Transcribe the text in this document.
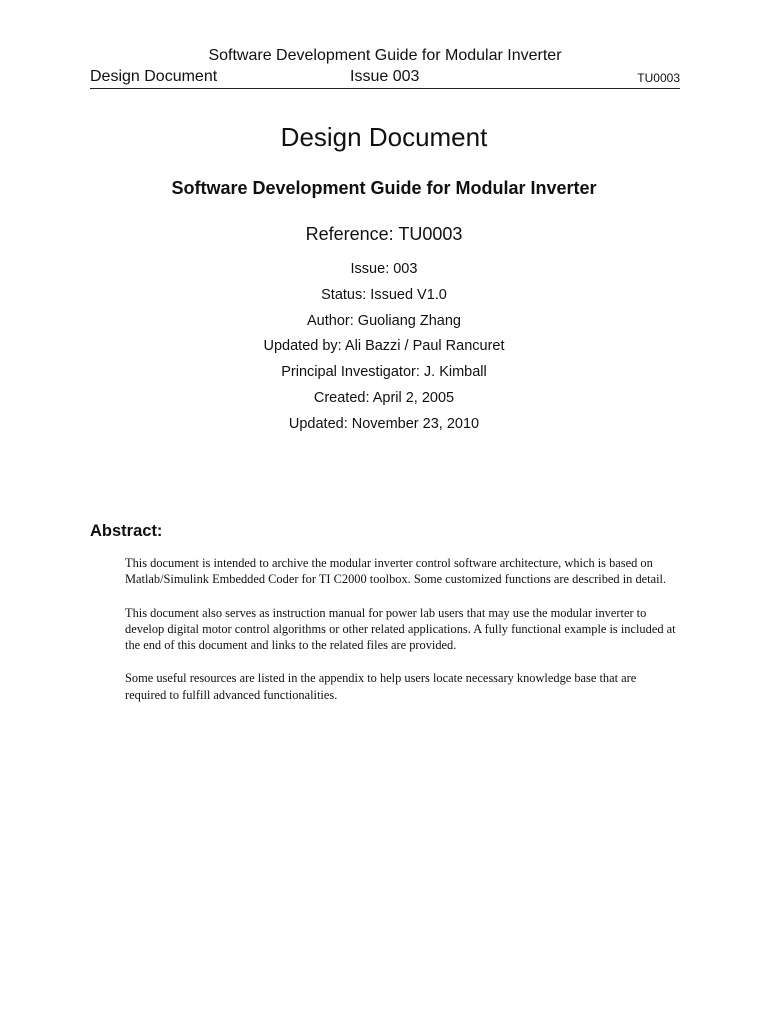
Software Development Guide for Modular Inverter
Design Document	Issue 003	TU0003
Design Document
Software Development Guide for Modular Inverter
Reference: TU0003
Issue: 003
Status: Issued V1.0
Author: Guoliang Zhang
Updated by: Ali Bazzi / Paul Rancuret
Principal Investigator: J. Kimball
Created: April 2, 2005
Updated: November 23, 2010
Abstract:

This document is intended to archive the modular inverter control software architecture, which is based on Matlab/Simulink Embedded Coder for TI C2000 toolbox. Some customized functions are described in detail.

This document also serves as instruction manual for power lab users that may use the modular inverter to develop digital motor control algorithms or other related applications. A fully functional example is included at the end of this document and links to the related files are provided.

Some useful resources are listed in the appendix to help users locate necessary knowledge base that are required to fulfill advanced functionalities.
